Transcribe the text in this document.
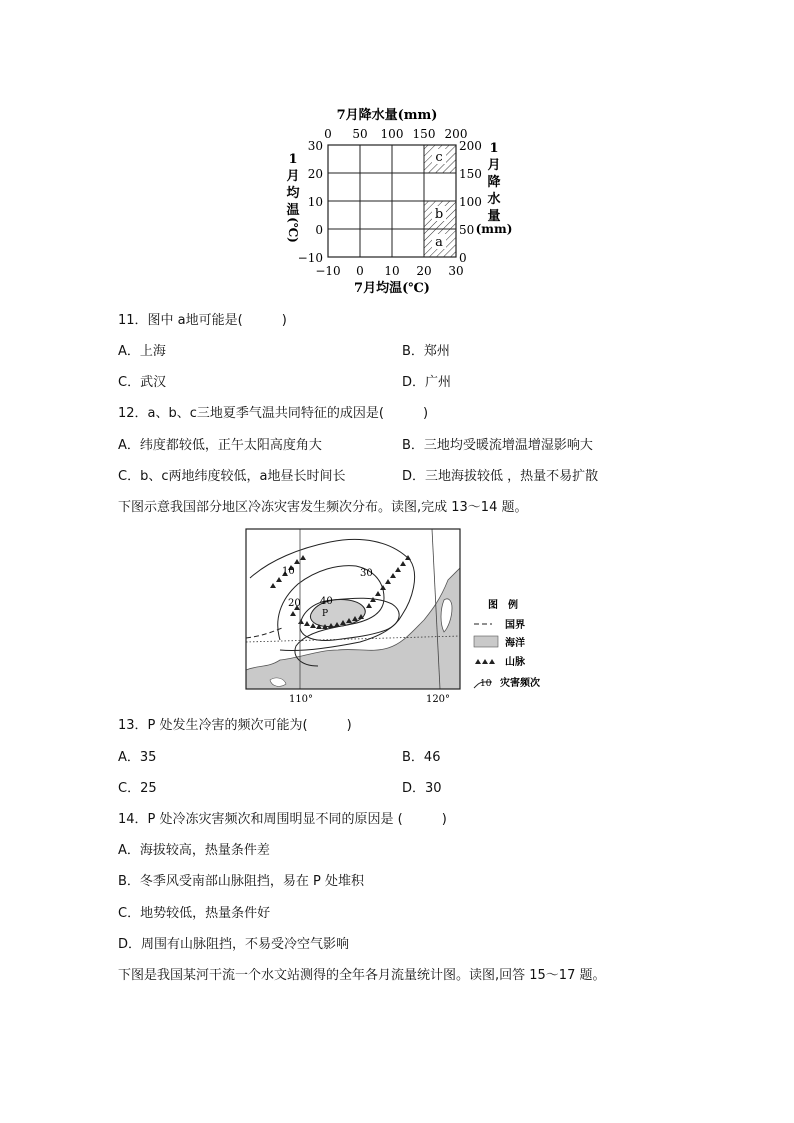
7月降水量(mm)
0 50 100 150 200
c
b
a
30
20
10
0
−10
1
月
均
温
(℃)
200
150
100
50
0
1
月
降
水
量
(mm)
−10 0 10 20 30
7月均温(℃)
11．图中 a地可能是(　　　)
A．上海	B．郑州
C．武汉	D．广州
12．a、b、c三地夏季气温共同特征的成因是(　　　)
A．纬度都较低，正午太阳高度角大	B．三地均受暖流增温增湿影响大
C．b、c两地纬度较低，a地昼长时间长	D．三地海拔较低 ，热量不易扩散
下图示意我国部分地区冷冻灾害发生频次分布。读图,完成 13～14 题。
10
20
30
40
P
110°	120°
图　例
国界
海洋
山脉
10 灾害频次
13．P 处发生冷害的频次可能为(　　　)
A．35	B．46
C．25	D．30
14．P 处冷冻灾害频次和周围明显不同的原因是 (　　　)
A．海拔较高，热量条件差
B．冬季风受南部山脉阻挡，易在 P 处堆积
C．地势较低，热量条件好
D．周围有山脉阻挡，不易受冷空气影响
下图是我国某河干流一个水文站测得的全年各月流量统计图。读图,回答 15～17 题。
